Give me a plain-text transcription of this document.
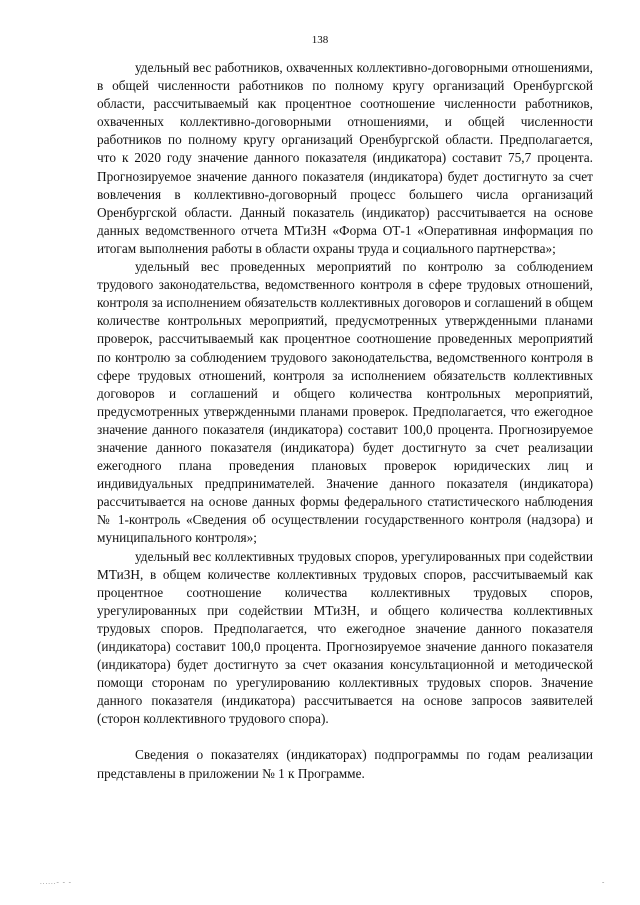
138

удельный вес работников, охваченных коллективно-договорными отношениями, в общей численности работников по полному кругу организаций Оренбургской области, рассчитываемый как процентное соотношение численности работников, охваченных коллективно-договорными отношениями, и общей численности работников по полному кругу организаций Оренбургской области. Предполагается, что к 2020 году значение данного показателя (индикатора) составит 75,7 процента. Прогнозируемое значение данного показателя (индикатора) будет достигнуто за счет вовлечения в коллективно-договорный процесс большего числа организаций Оренбургской области. Данный показатель (индикатор) рассчитывается на основе данных ведомственного отчета МТиЗН «Форма ОТ-1 «Оперативная информация по итогам выполнения работы в области охраны труда и социального партнерства»;

удельный вес проведенных мероприятий по контролю за соблюдением трудового законодательства, ведомственного контроля в сфере трудовых отношений, контроля за исполнением обязательств коллективных договоров и соглашений в общем количестве контрольных мероприятий, предусмотренных утвержденными планами проверок, рассчитываемый как процентное соотношение проведенных мероприятий по контролю за соблюдением трудового законодательства, ведомственного контроля в сфере трудовых отношений, контроля за исполнением обязательств коллективных договоров и соглашений и общего количества контрольных мероприятий, предусмотренных утвержденными планами проверок. Предполагается, что ежегодное значение данного показателя (индикатора) составит 100,0 процента. Прогнозируемое значение данного показателя (индикатора) будет достигнуто за счет реализации ежегодного плана проведения плановых проверок юридических лиц и индивидуальных предпринимателей. Значение данного показателя (индикатора) рассчитывается на основе данных формы федерального статистического наблюдения № 1-контроль «Сведения об осуществлении государственного контроля (надзора) и муниципального контроля»;

удельный вес коллективных трудовых споров, урегулированных при содействии МТиЗН, в общем количестве коллективных трудовых споров, рассчитываемый как процентное соотношение количества коллективных трудовых споров, урегулированных при содействии МТиЗН, и общего количества коллективных трудовых споров. Предполагается, что ежегодное значение данного показателя (индикатора) составит 100,0 процента. Прогнозируемое значение данного показателя (индикатора) будет достигнуто за счет оказания консультационной и методической помощи сторонам по урегулированию коллективных трудовых споров. Значение данного показателя (индикатора) рассчитывается на основе запросов заявителей (сторон коллективного трудового спора).

Сведения о показателях (индикаторах) подпрограммы по годам реализации представлены в приложении № 1 к Программе.

......- - -	-
